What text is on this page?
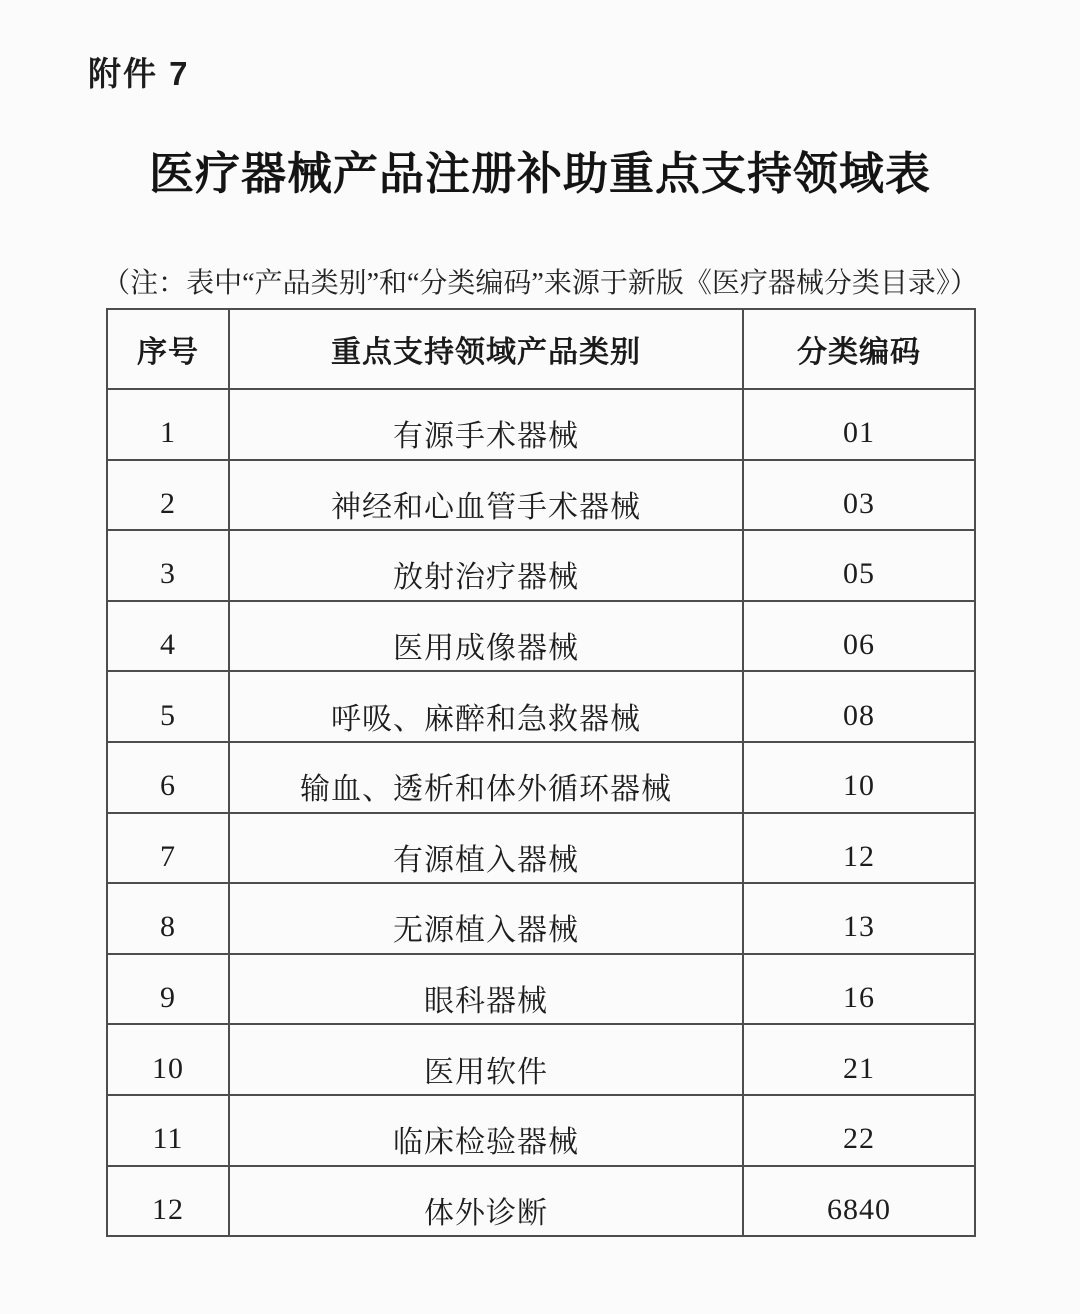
附件 7
医疗器械产品注册补助重点支持领域表
（注：表中“产品类别”和“分类编码”来源于新版《医疗器械分类目录》）
序号	重点支持领域产品类别	分类编码
1	有源手术器械	01
2	神经和心血管手术器械	03
3	放射治疗器械	05
4	医用成像器械	06
5	呼吸、麻醉和急救器械	08
6	输血、透析和体外循环器械	10
7	有源植入器械	12
8	无源植入器械	13
9	眼科器械	16
10	医用软件	21
11	临床检验器械	22
12	体外诊断	6840
